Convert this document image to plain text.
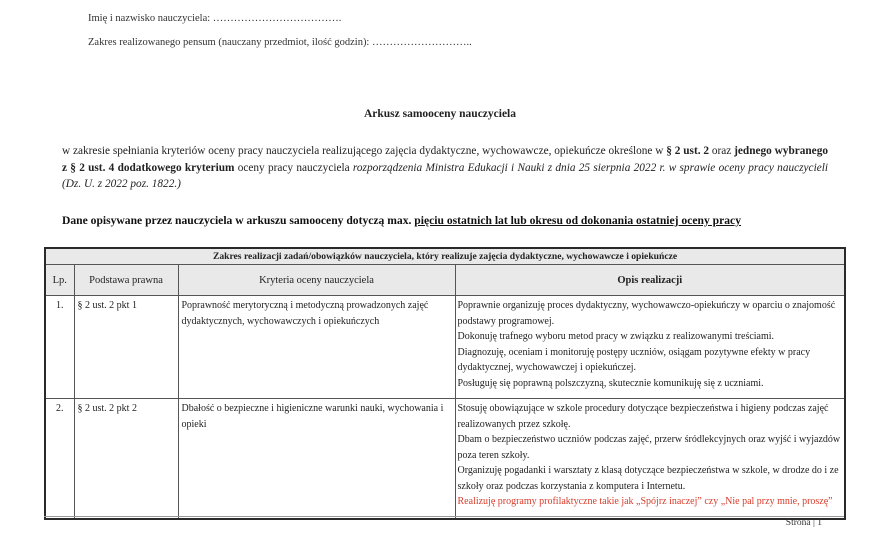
Imię i nazwisko nauczyciela: ……………………………….
Zakres realizowanego pensum (nauczany przedmiot, ilość godzin): ………………………..
Arkusz samooceny nauczyciela
w zakresie spełniania kryteriów oceny pracy nauczyciela realizującego zajęcia dydaktyczne, wychowawcze, opiekuńcze określone w § 2 ust. 2 oraz jednego wybranego z § 2 ust. 4 dodatkowego kryterium oceny pracy nauczyciela rozporządzenia Ministra Edukacji i Nauki z dnia 25 sierpnia 2022 r. w sprawie oceny pracy nauczycieli (Dz. U. z 2022 poz. 1822.)
Dane opisywane przez nauczyciela w arkuszu samooceny dotyczą max. pięciu ostatnich lat lub okresu od dokonania ostatniej oceny pracy
Zakres realizacji zadań/obowiązków nauczyciela, który realizuje zajęcia dydaktyczne, wychowawcze i opiekuńcze			
Lp.	Podstawa prawna	Kryteria oceny nauczyciela	Opis realizacji
1.	§ 2 ust. 2 pkt 1	Poprawność merytoryczną i metodyczną prowadzonych zajęć dydaktycznych, wychowawczych i opiekuńczych	Poprawnie organizuję proces dydaktyczny, wychowawczo-opiekuńczy w oparciu o znajomość podstawy programowej.
Dokonuję trafnego wyboru metod pracy w związku z realizowanymi treściami.
Diagnozuję, oceniam i monitoruję postępy uczniów, osiągam pozytywne efekty w pracy dydaktycznej, wychowawczej i opiekuńczej.
Posługuję się poprawną polszczyzną, skutecznie komunikuję się z uczniami.

2.	§ 2 ust. 2 pkt 2	Dbałość o bezpieczne i higieniczne warunki nauki, wychowania i opieki	Stosuję obowiązujące w szkole procedury dotyczące bezpieczeństwa i higieny podczas zajęć realizowanych przez szkołę.
Dbam o bezpieczeństwo uczniów podczas zajęć, przerw śródlekcyjnych oraz wyjść i wyjazdów poza teren szkoły.
Organizuję pogadanki i warsztaty z klasą dotyczące bezpieczeństwa w szkole, w drodze do i ze szkoły oraz podczas korzystania z komputera i Internetu.
Realizuję programy profilaktyczne takie jak „Spójrz inaczej” czy „Nie pal przy mnie, proszę”
Strona | 1
